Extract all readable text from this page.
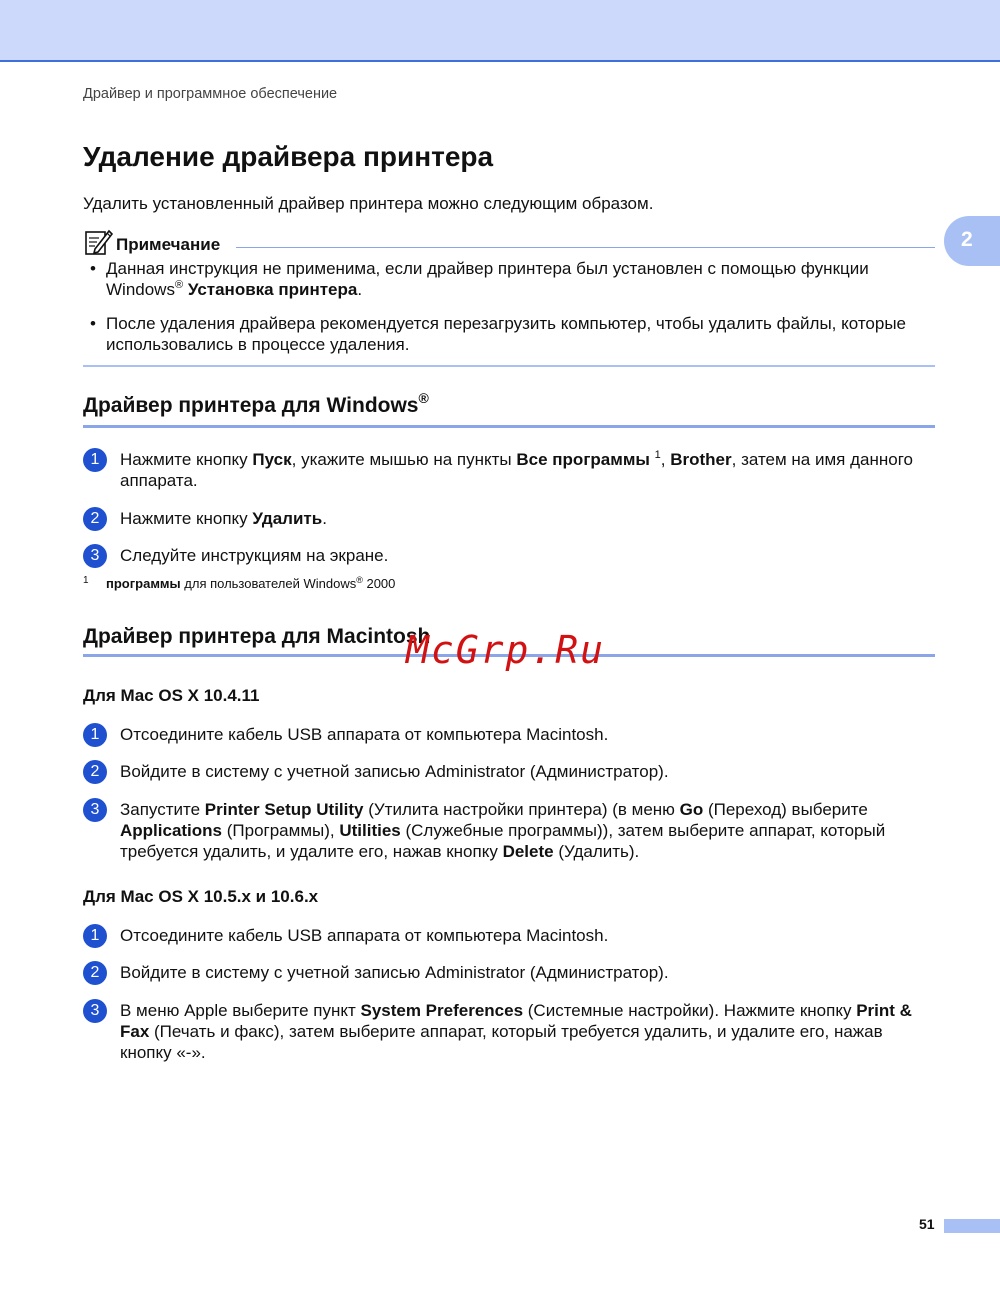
Драйвер и программное обеспечение
2
Удаление драйвера принтера
Удалить установленный драйвер принтера можно следующим образом.
Примечание
• Данная инструкция не применима, если драйвер принтера был установлен с помощью функции Windows® Установка принтера.
• После удаления драйвера рекомендуется перезагрузить компьютер, чтобы удалить файлы, которые использовались в процессе удаления.
Драйвер принтера для Windows®
1	Нажмите кнопку Пуск, укажите мышью на пункты Все программы $^1$, Brother, затем на имя данного аппарата.
2	Нажмите кнопку Удалить.
3	Следуйте инструкциям на экране.
1 программы для пользователей Windows® 2000
Драйвер принтера для Macintosh
Для Mac OS X 10.4.11
1	Отсоедините кабель USB аппарата от компьютера Macintosh.
2	Войдите в систему с учетной записью Administrator (Администратор).
3	Запустите Printer Setup Utility (Утилита настройки принтера) (в меню Go (Переход) выберите Applications (Программы), Utilities (Служебные программы)), затем выберите аппарат, который требуется удалить, и удалите его, нажав кнопку Delete (Удалить).
Для Mac OS X 10.5.x и 10.6.x
1	Отсоедините кабель USB аппарата от компьютера Macintosh.
2	Войдите в систему с учетной записью Administrator (Администратор).
3	В меню Apple выберите пункт System Preferences (Системные настройки). Нажмите кнопку Print & Fax (Печать и факс), затем выберите аппарат, который требуется удалить, и удалите его, нажав кнопку «-».
McGrp.Ru
51
